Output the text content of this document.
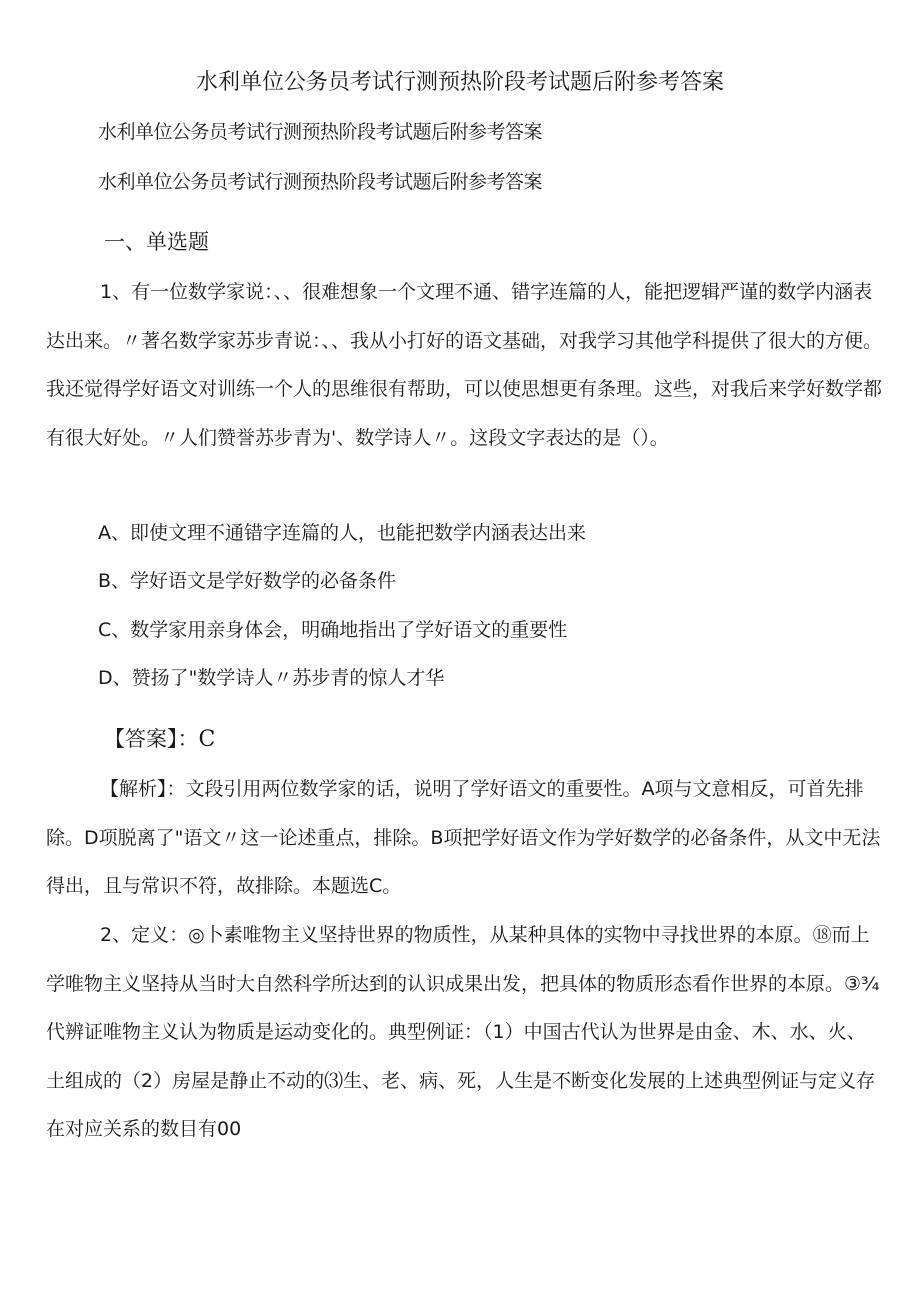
水利单位公务员考试行测预热阶段考试题后附参考答案
水利单位公务员考试行测预热阶段考试题后附参考答案
水利单位公务员考试行测预热阶段考试题后附参考答案
一、单选题
1、有一位数学家说：、、很难想象一个文理不通、错字连篇的人，能把逻辑严谨的数学内涵表达出来。〃著名数学家苏步青说：、、我从小打好的语文基础，对我学习其他学科提供了很大的方便。我还觉得学好语文对训练一个人的思维很有帮助，可以使思想更有条理。这些，对我后来学好数学都有很大好处。〃人们赞誉苏步青为'、数学诗人〃。这段文字表达的是（）。
A、即使文理不通错字连篇的人，也能把数学内涵表达出来
B、学好语文是学好数学的必备条件
C、数学家用亲身体会，明确地指出了学好语文的重要性
D、赞扬了"数学诗人〃苏步青的惊人才华
【答案】：C
【解析】：文段引用两位数学家的话，说明了学好语文的重要性。A项与文意相反，可首先排除。D项脱离了"语文〃这一论述重点，排除。B项把学好语文作为学好数学的必备条件，从文中无法得出，且与常识不符，故排除。本题选C。
2、定义：◎卜素唯物主义坚持世界的物质性，从某种具体的实物中寻找世界的本原。⑱而上学唯物主义坚持从当时大自然科学所达到的认识成果出发，把具体的物质形态看作世界的本原。③¾代辨证唯物主义认为物质是运动变化的。典型例证：（1）中国古代认为世界是由金、木、水、火、土组成的（2）房屋是静止不动的⑶生、老、病、死，人生是不断变化发展的上述典型例证与定义存在对应关系的数目有00
